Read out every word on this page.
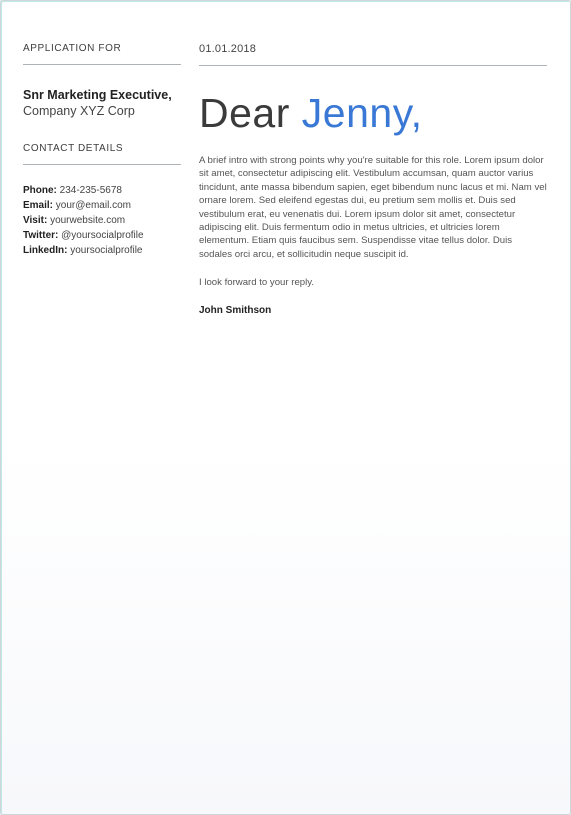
APPLICATION FOR
Snr Marketing Executive,
Company XYZ Corp
CONTACT DETAILS
Phone: 234-235-5678
Email: your@email.com
Visit: yourwebsite.com
Twitter: @yoursocialprofile
LinkedIn: yoursocialprofile
01.01.2018
Dear Jenny,
A brief intro with strong points why you're suitable for this role. Lorem ipsum dolor sit amet, consectetur adipiscing elit. Vestibulum accumsan, quam auctor varius tincidunt, ante massa bibendum sapien, eget bibendum nunc lacus et mi. Nam vel ornare lorem. Sed eleifend egestas dui, eu pretium sem mollis et. Duis sed vestibulum erat, eu venenatis dui. Lorem ipsum dolor sit amet, consectetur adipiscing elit. Duis fermentum odio in metus ultricies, et ultricies lorem elementum. Etiam quis faucibus sem. Suspendisse vitae tellus dolor. Duis sodales orci arcu, et sollicitudin neque suscipit id.
I look forward to your reply.
John Smithson
